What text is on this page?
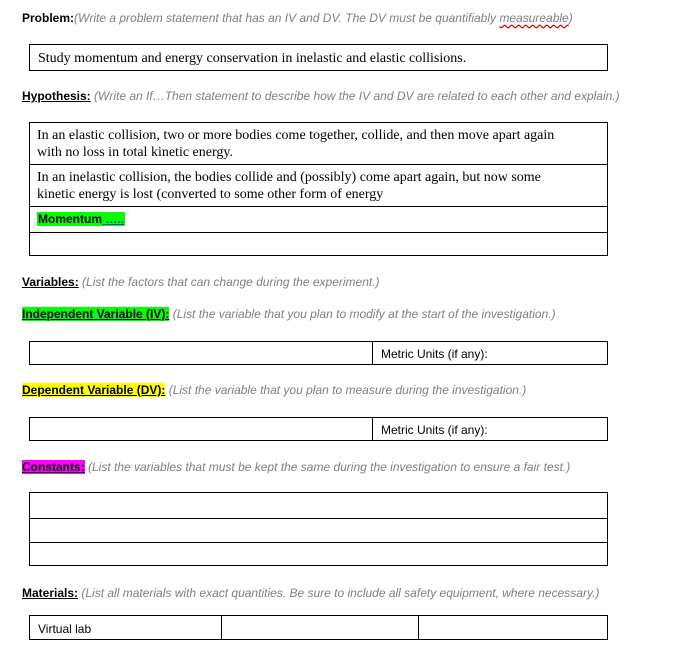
Problem:(Write a problem statement that has an IV and DV. The DV must be quantifiably measureable)
Study momentum and energy conservation in inelastic and elastic collisions.
Hypothesis: (Write an If…Then statement to describe how the IV and DV are related to each other and explain.)
In an elastic collision, two or more bodies come together, collide, and then move apart again
with no loss in total kinetic energy.
In an inelastic collision, the bodies collide and (possibly) come apart again, but now some
kinetic energy is lost (converted to some other form of energy
Momentum …..
Variables: (List the factors that can change during the experiment.)
Independent Variable (IV): (List the variable that you plan to modify at the start of the investigation.)
Metric Units (if any):
Dependent Variable (DV): (List the variable that you plan to measure during the investigation.)
Metric Units (if any):
Constants: (List the variables that must be kept the same during the investigation to ensure a fair test.)
Materials: (List all materials with exact quantities. Be sure to include all safety equipment, where necessary.)
Virtual lab
